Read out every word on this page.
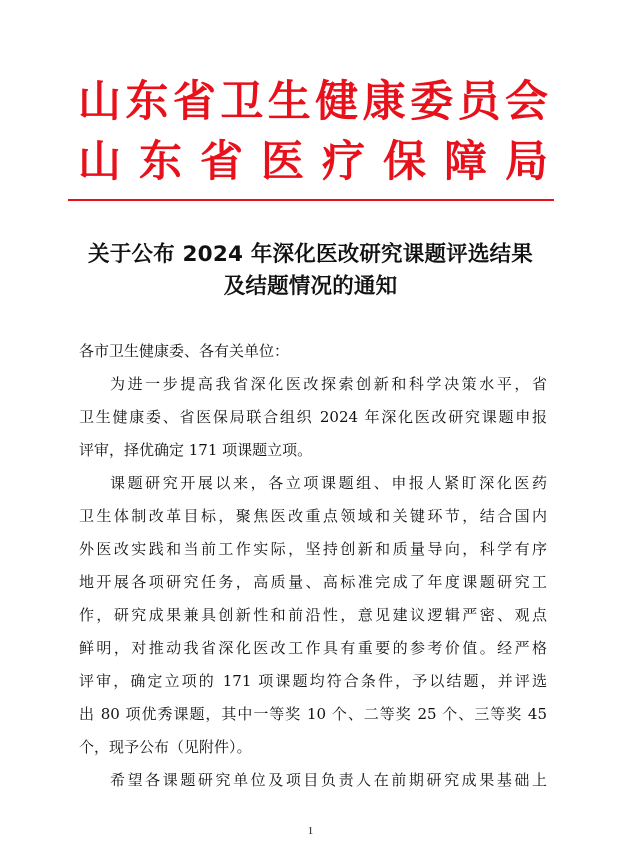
山 东 省 卫 生 健 康 委 员 会
山 东 省 医 疗 保 障 局
关于公布 2024 年深化医改研究课题评选结果
及结题情况的通知
各市卫生健康委、各有关单位：
为进一步提高我省深化医改探索创新和科学决策水平，省
卫生健康委、省医保局联合组织 2024 年深化医改研究课题申报
评审，择优确定 171 项课题立项。
课题研究开展以来，各立项课题组、申报人紧盯深化医药
卫生体制改革目标，聚焦医改重点领域和关键环节，结合国内
外医改实践和当前工作实际，坚持创新和质量导向，科学有序
地开展各项研究任务，高质量、高标准完成了年度课题研究工
作，研究成果兼具创新性和前沿性，意见建议逻辑严密、观点
鲜明，对推动我省深化医改工作具有重要的参考价值。经严格
评审，确定立项的 171 项课题均符合条件，予以结题，并评选
出 80 项优秀课题，其中一等奖 10 个、二等奖 25 个、三等奖 45
个，现予公布（见附件）。
希望各课题研究单位及项目负责人在前期研究成果基础上
1
